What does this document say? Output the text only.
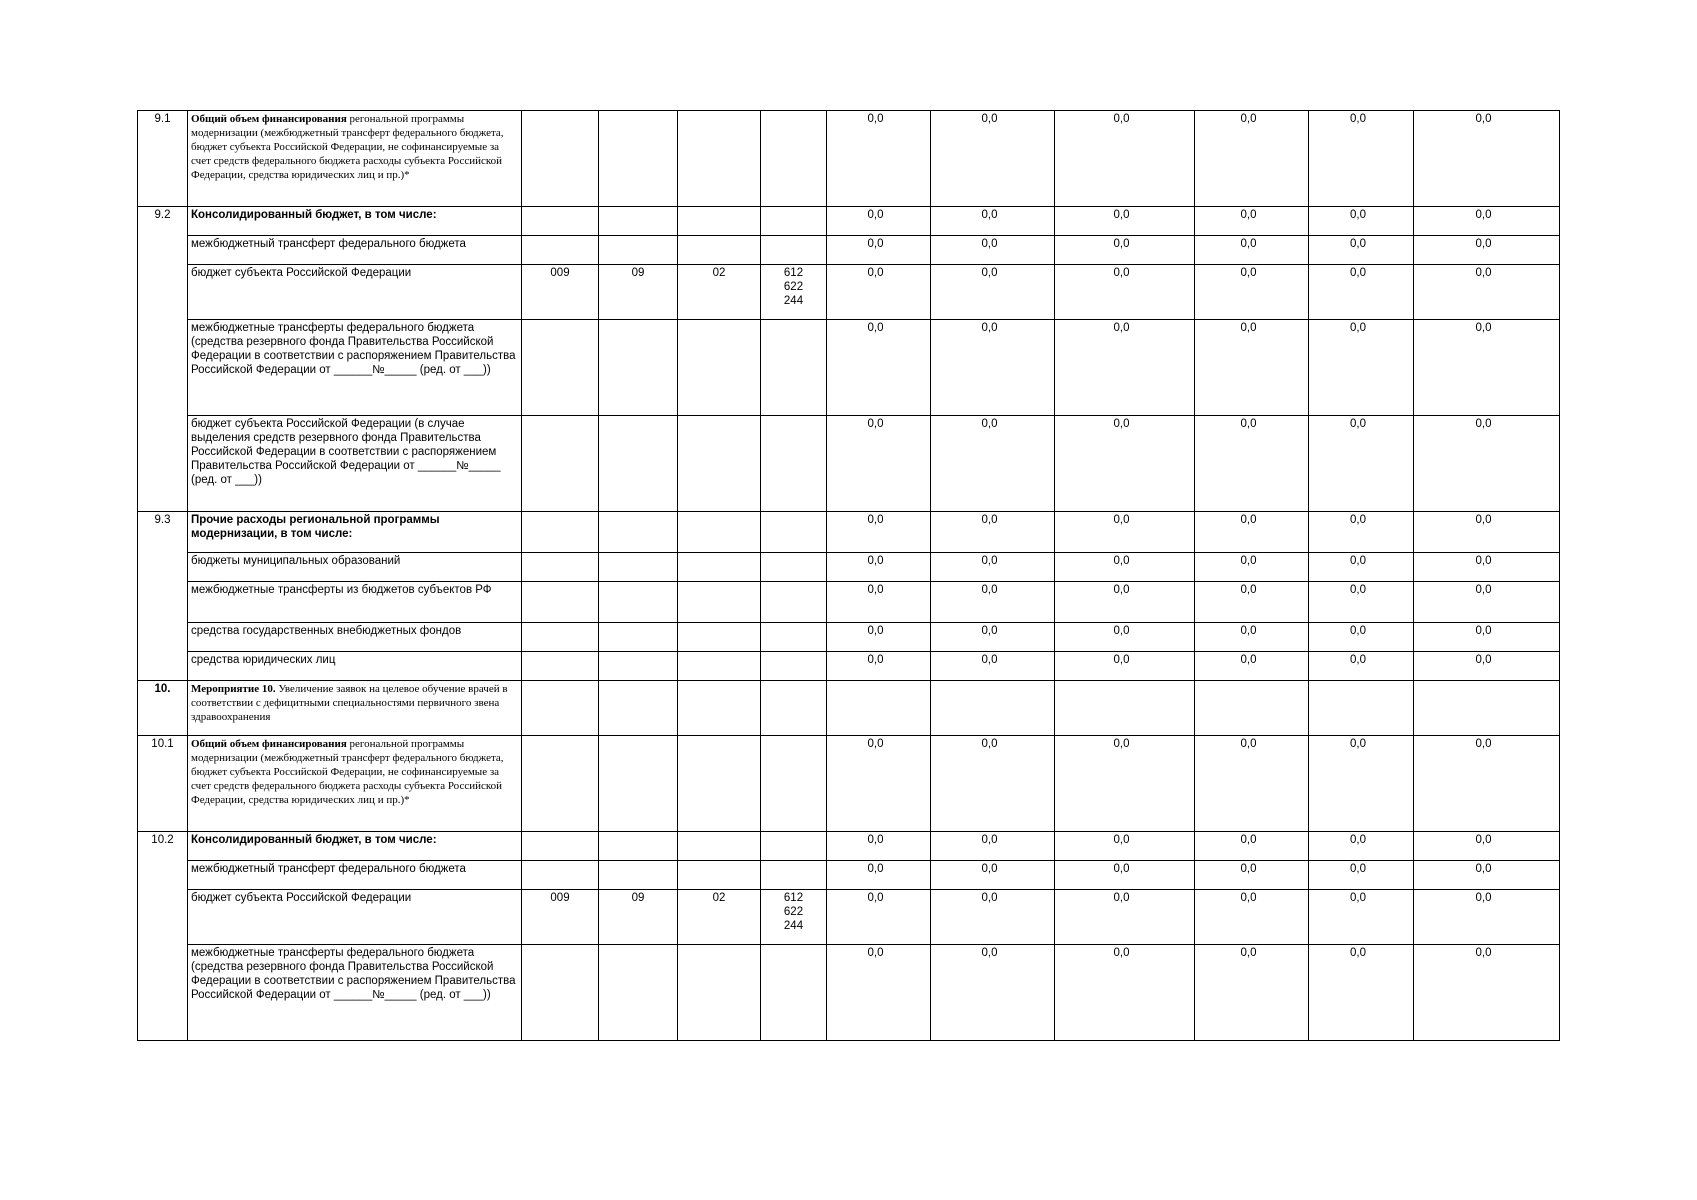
9.1	Общий объем финансирования регональной программы модернизации (межбюджетный трансферт федерального бюджета, бюджет субъекта Российской Федерации, не софинансируемые за счет средств федерального бюджета расходы субъекта Российской Федерации, средства юридических лиц и пр.)*					0,0	0,0	0,0	0,0	0,0	0,0
9.2	Консолидированный бюджет, в том числе:					0,0	0,0	0,0	0,0	0,0	0,0
	межбюджетный трансферт федерального бюджета					0,0	0,0	0,0	0,0	0,0	0,0
	бюджет субъекта Российской Федерации	009	09	02	612
622
244	0,0	0,0	0,0	0,0	0,0	0,0
	межбюджетные трансферты федерального бюджета (средства резервного фонда Правительства Российской Федерации в соответствии с распоряжением Правительства Российской Федерации от ______№_____ (ред. от ___))					0,0	0,0	0,0	0,0	0,0	0,0
	бюджет субъекта Российской Федерации (в случае выделения средств резервного фонда Правительства Российской Федерации в соответствии с распоряжением Правительства Российской Федерации от ______№_____ (ред. от ___))					0,0	0,0	0,0	0,0	0,0	0,0
9.3	Прочие расходы региональной программы модернизации, в том числе:					0,0	0,0	0,0	0,0	0,0	0,0
	бюджеты муниципальных образований					0,0	0,0	0,0	0,0	0,0	0,0
	межбюджетные трансферты из бюджетов субъектов РФ					0,0	0,0	0,0	0,0	0,0	0,0
	средства государственных внебюджетных фондов					0,0	0,0	0,0	0,0	0,0	0,0
	средства юридических лиц					0,0	0,0	0,0	0,0	0,0	0,0
10.	Мероприятие 10. Увеличение заявок на целевое обучение врачей в соответствии с дефицитными специальностями первичного звена здравоохранения										
10.1	Общий объем финансирования регональной программы модернизации (межбюджетный трансферт федерального бюджета, бюджет субъекта Российской Федерации, не софинансируемые за счет средств федерального бюджета расходы субъекта Российской Федерации, средства юридических лиц и пр.)*					0,0	0,0	0,0	0,0	0,0	0,0
10.2	Консолидированный бюджет, в том числе:					0,0	0,0	0,0	0,0	0,0	0,0
	межбюджетный трансферт федерального бюджета					0,0	0,0	0,0	0,0	0,0	0,0
	бюджет субъекта Российской Федерации	009	09	02	612
622
244	0,0	0,0	0,0	0,0	0,0	0,0
	межбюджетные трансферты федерального бюджета (средства резервного фонда Правительства Российской Федерации в соответствии с распоряжением Правительства Российской Федерации от ______№_____ (ред. от ___))					0,0	0,0	0,0	0,0	0,0	0,0
